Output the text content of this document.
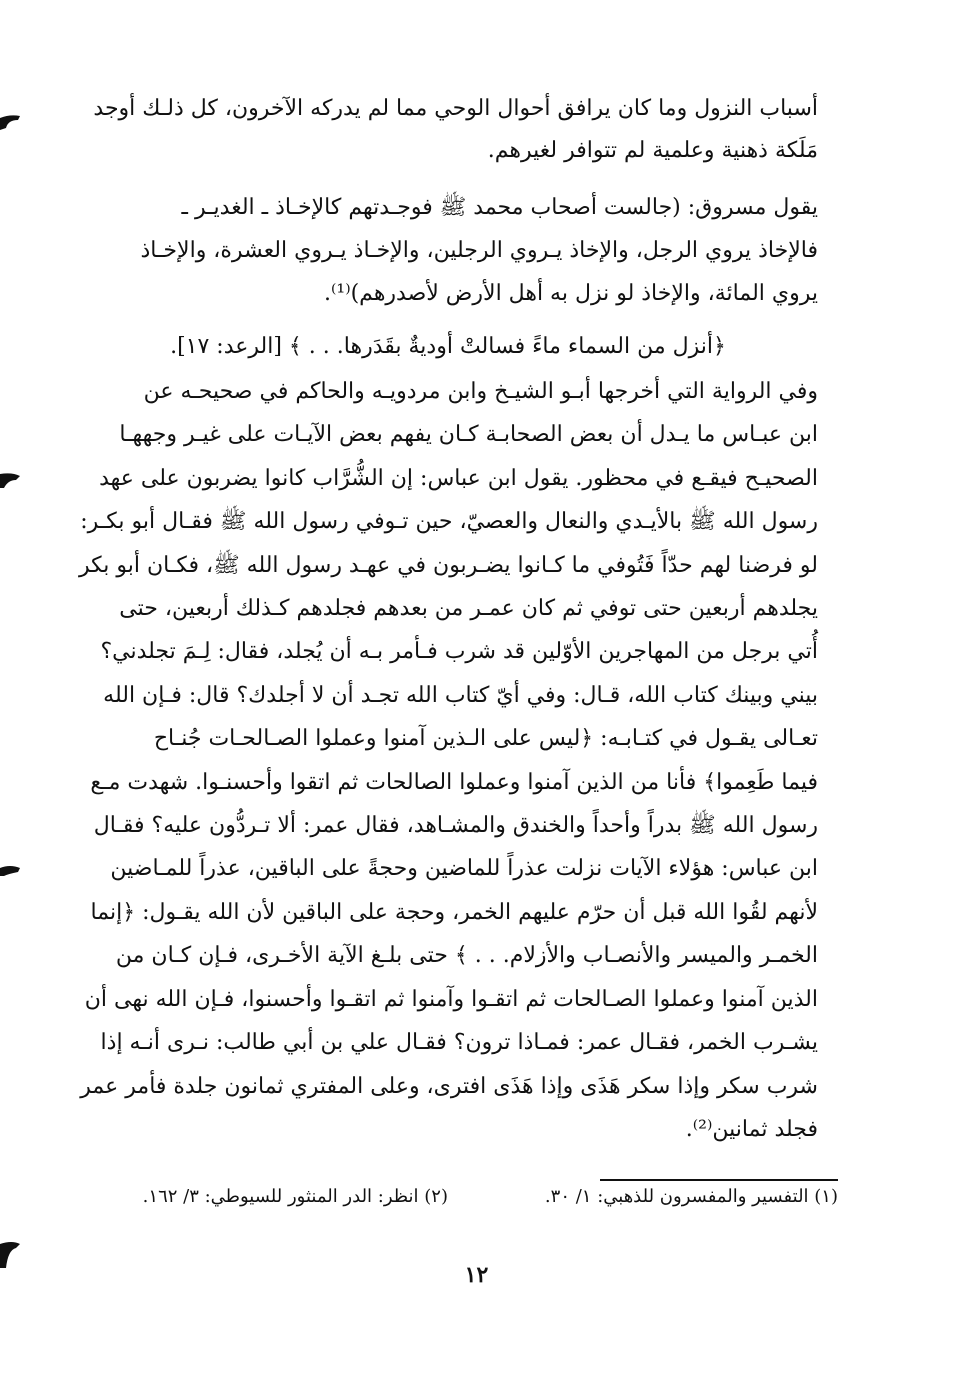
أسباب النزول وما كان يرافق أحوال الوحي مما لم يدركه الآخرون، كل ذلـك أوجد
مَلَكة ذهنية وعلمية لم تتوافر لغيرهم.
يقول مسروق: (جالست أصحاب محمد ﷺ فوجـدتهم كالإخـاذ ـ الغديـر ـ
فالإخاذ يروي الرجل، والإخاذ يـروي الرجلين، والإخـاذ يـروي العشرة، والإخـاذ
يروي المائة، والإخاذ لو نزل به أهل الأرض لأصدرهم)⁽¹⁾.
﴿أنزل من السماء ماءً فسالتْ أوديةٌ بقَدَرها. . . ﴾ [الرعد: ١٧].
وفي الرواية التي أخرجها أبـو الشيـخ وابن مردويـه والحاكم في صحيحـه عن
ابن عبـاس ما يـدل أن بعض الصحابـة كـان يفهم بعض الآيـات على غيـر وجههـا
الصحيـح فيقـع في محظور. يقول ابن عباس: إن الشُّرَّاب كانوا يضربون على عهد
رسول الله ﷺ بالأيـدي والنعال والعصيّ، حين تـوفي رسول الله ﷺ فقـال أبو بكـر:
لو فرضنا لهم حدّاً فَتُوفي ما كـانوا يضـربون في عهـد رسول الله ﷺ، فكـان أبو بكر
يجلدهم أربعين حتى توفي ثم كان عمـر من بعدهم فجلدهم كـذلك أربعين، حتى
أُتي برجل من المهاجرين الأوّلين قد شرب فـأمر بـه أن يُجلد، فقال: لِـمَ تجلدني؟
بيني وبينك كتاب الله، قـال: وفي أيّ كتاب الله تجـد أن لا أجلدك؟ قال: فـإن الله
تعـالى يقـول في كتـابـه: ﴿ليس على الـذين آمنوا وعملوا الصـالحـات جُنـاح
فيما طَعِموا﴾ فأنا من الذين آمنوا وعملوا الصالحات ثم اتقوا وأحسنـوا. شهدت مـع
رسول الله ﷺ بدراً وأحداً والخندق والمشـاهد، فقال عمر: ألا تـردُّون عليه؟ فقـال
ابن عباس: هؤلاء الآيات نزلت عذراً للماضين وحجةً على الباقين، عذراً للمـاضين
لأنهم لقُوا الله قبل أن حرّم عليهم الخمر، وحجة على الباقين لأن الله يقـول: ﴿إنما
الخمـر والميسر والأنصـاب والأزلام. . . ﴾ حتى بلـغ الآية الأخـرى، فـإن كـان من
الذين آمنوا وعملوا الصـالحات ثم اتقـوا وآمنوا ثم اتقـوا وأحسنوا، فـإن الله نهى أن
يشـرب الخمر، فقـال عمر: فمـاذا ترون؟ فقـال علي بن أبي طالب: نـرى أنـه إذا
شرب سكر وإذا سكر هَذَى وإذا هَذَى افترى، وعلى المفتري ثمانون جلدة فأمر عمر
فجلد ثمانين⁽²⁾.
(١) التفسير والمفسرون للذهبي: ١/ ٣٠.
(٢) انظر: الدر المنثور للسيوطي: ٣/ ١٦٢.
١٢
